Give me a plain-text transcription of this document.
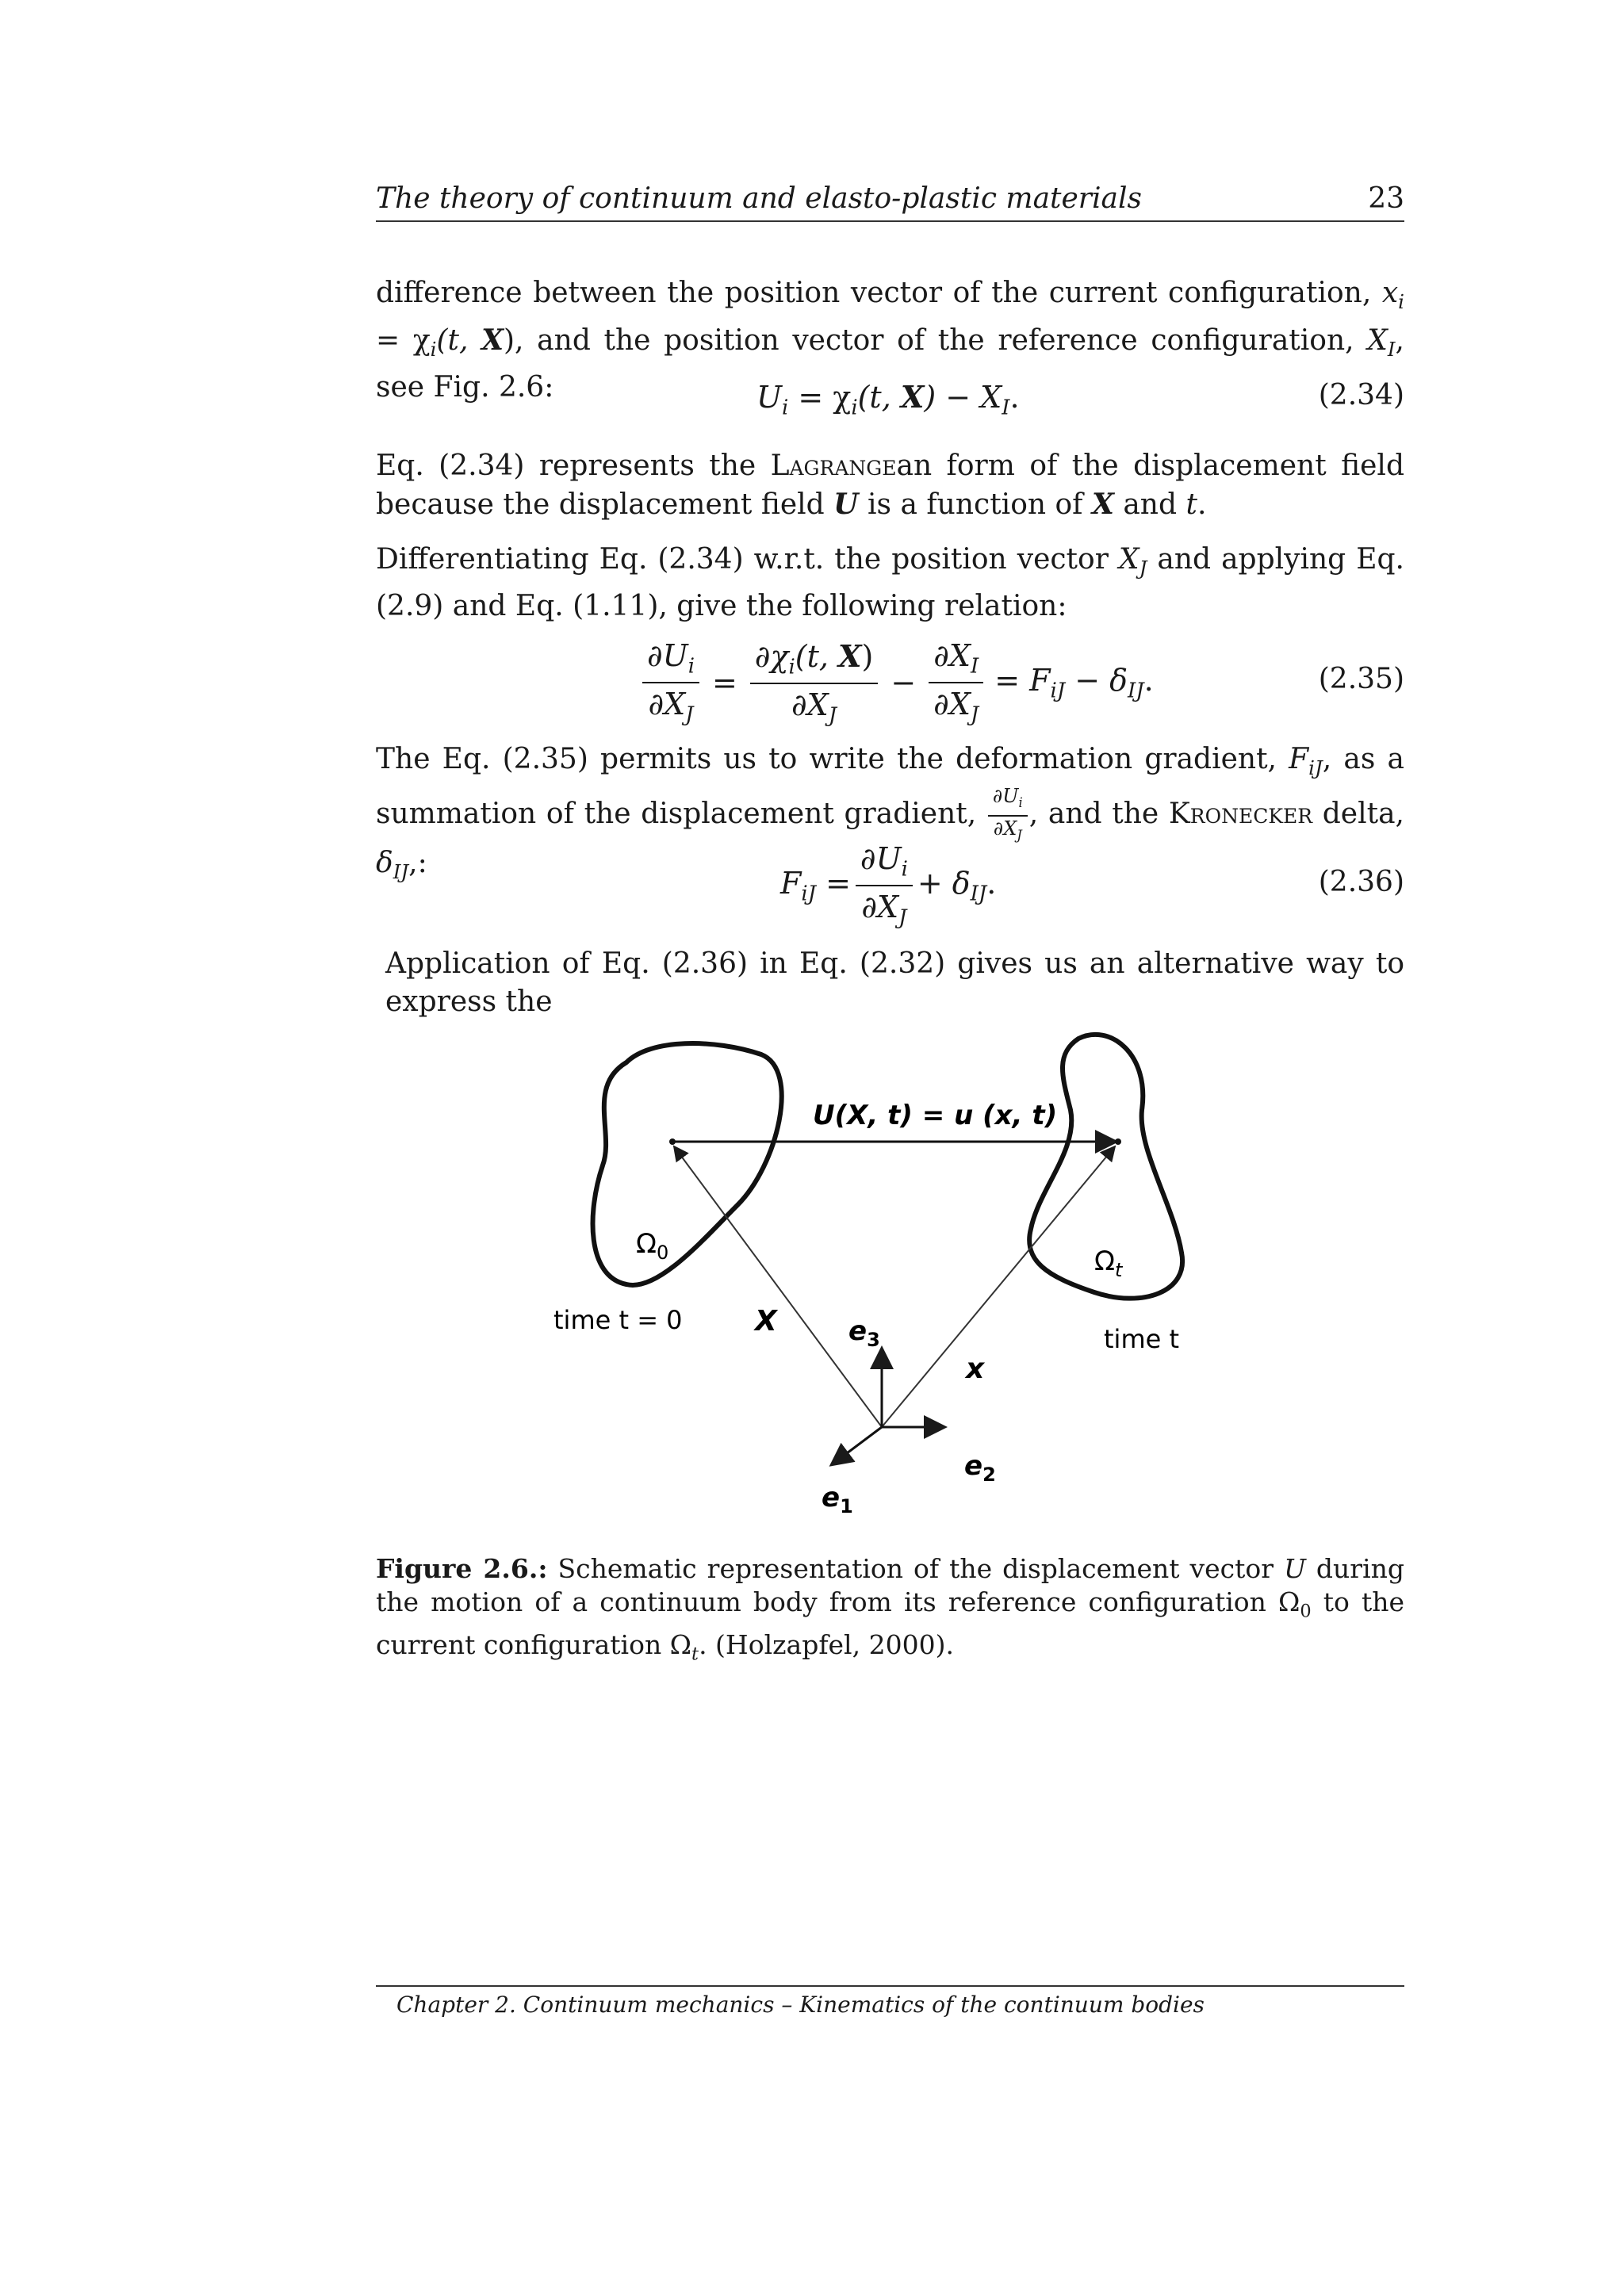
The theory of continuum and elasto-plastic materials	23
difference between the position vector of the current configuration, $x_i = \chi_i(t$, X), and the position vector of the reference configuration, $X_I$, see Fig. 2.6:	$U_i = \chi_i(t$, $X) - X_I$.	(2.34)
Eq. (2.34) represents the Lagrangean form of the displacement field because the displacement field U is a function of X and t.
Differentiating Eq. (2.34) w.r.t. the position vector $X_J$ and applying Eq. (2.9) and Eq. (1.11), give the following relation:
$\frac{\partial U_i}{\partial X_J} = \frac{\partial\chi_i(t, X)}{\partial X_J} - \frac{\partial X_I}{\partial X_J} = F_{iJ} - \delta_{IJ}$.	(2.35)
The Eq. (2.35) permits us to write the deformation gradient, $F_{iJ}$, as a summation of the displacement gradient, $\frac{\partial U_i}{\partial X_J}$ , and the Kronecker delta, $\delta_{IJ}$,:
$F_{iJ} = \frac{\partial U_i}{\partial X_J} + \delta_{IJ}$.	(2.36)
Application of Eq. (2.36) in Eq. (2.32) gives us an alternative way to express the
U(X, t) = u (x, t)
$\Omega_0$	$\Omega_t$
time t = 0
time t
X
x
$e_3$
$e_2$
$e_1$
Figure 2.6.: Schematic representation of the displacement vector U during the motion of a continuum body from its reference configuration $\Omega_0$ to the current configuration $\Omega_t$. (Holzapfel, 2000).
Chapter 2. Continuum mechanics – Kinematics of the continuum bodies
